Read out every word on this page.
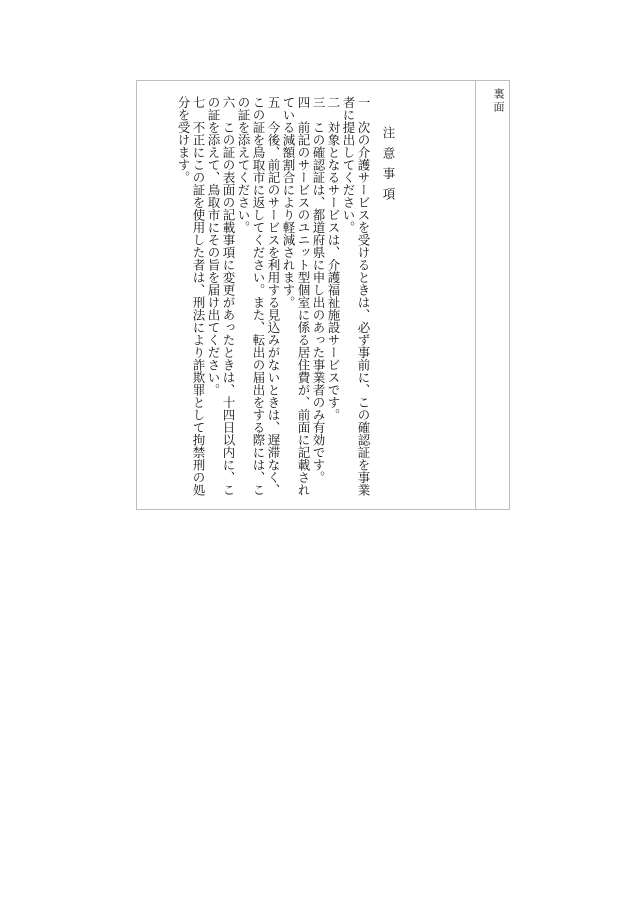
裏面
注意事項
一　次の介護サービスを受けるときは、必ず事前に、この確認証を事業
者に提出してください。
二　対象となるサービスは、介護福祉施設サービスです。
三　この確認証は、都道府県に申し出のあった事業者のみ有効です。
四　前記のサービスのユニット型個室に係る居住費が、前面に記載され
ている減額割合により軽減されます。
五　今後、前記のサービスを利用する見込みがないときは、遅滞なく、
この証を鳥取市に返してください。また、転出の届出をする際には、こ
の証を添えてください。
六　この証の表面の記載事項に変更があったときは、十四日以内に、こ
の証を添えて、鳥取市にその旨を届け出てください。
七　不正にこの証を使用した者は、刑法により詐欺罪として拘禁刑の処
分を受けます。
